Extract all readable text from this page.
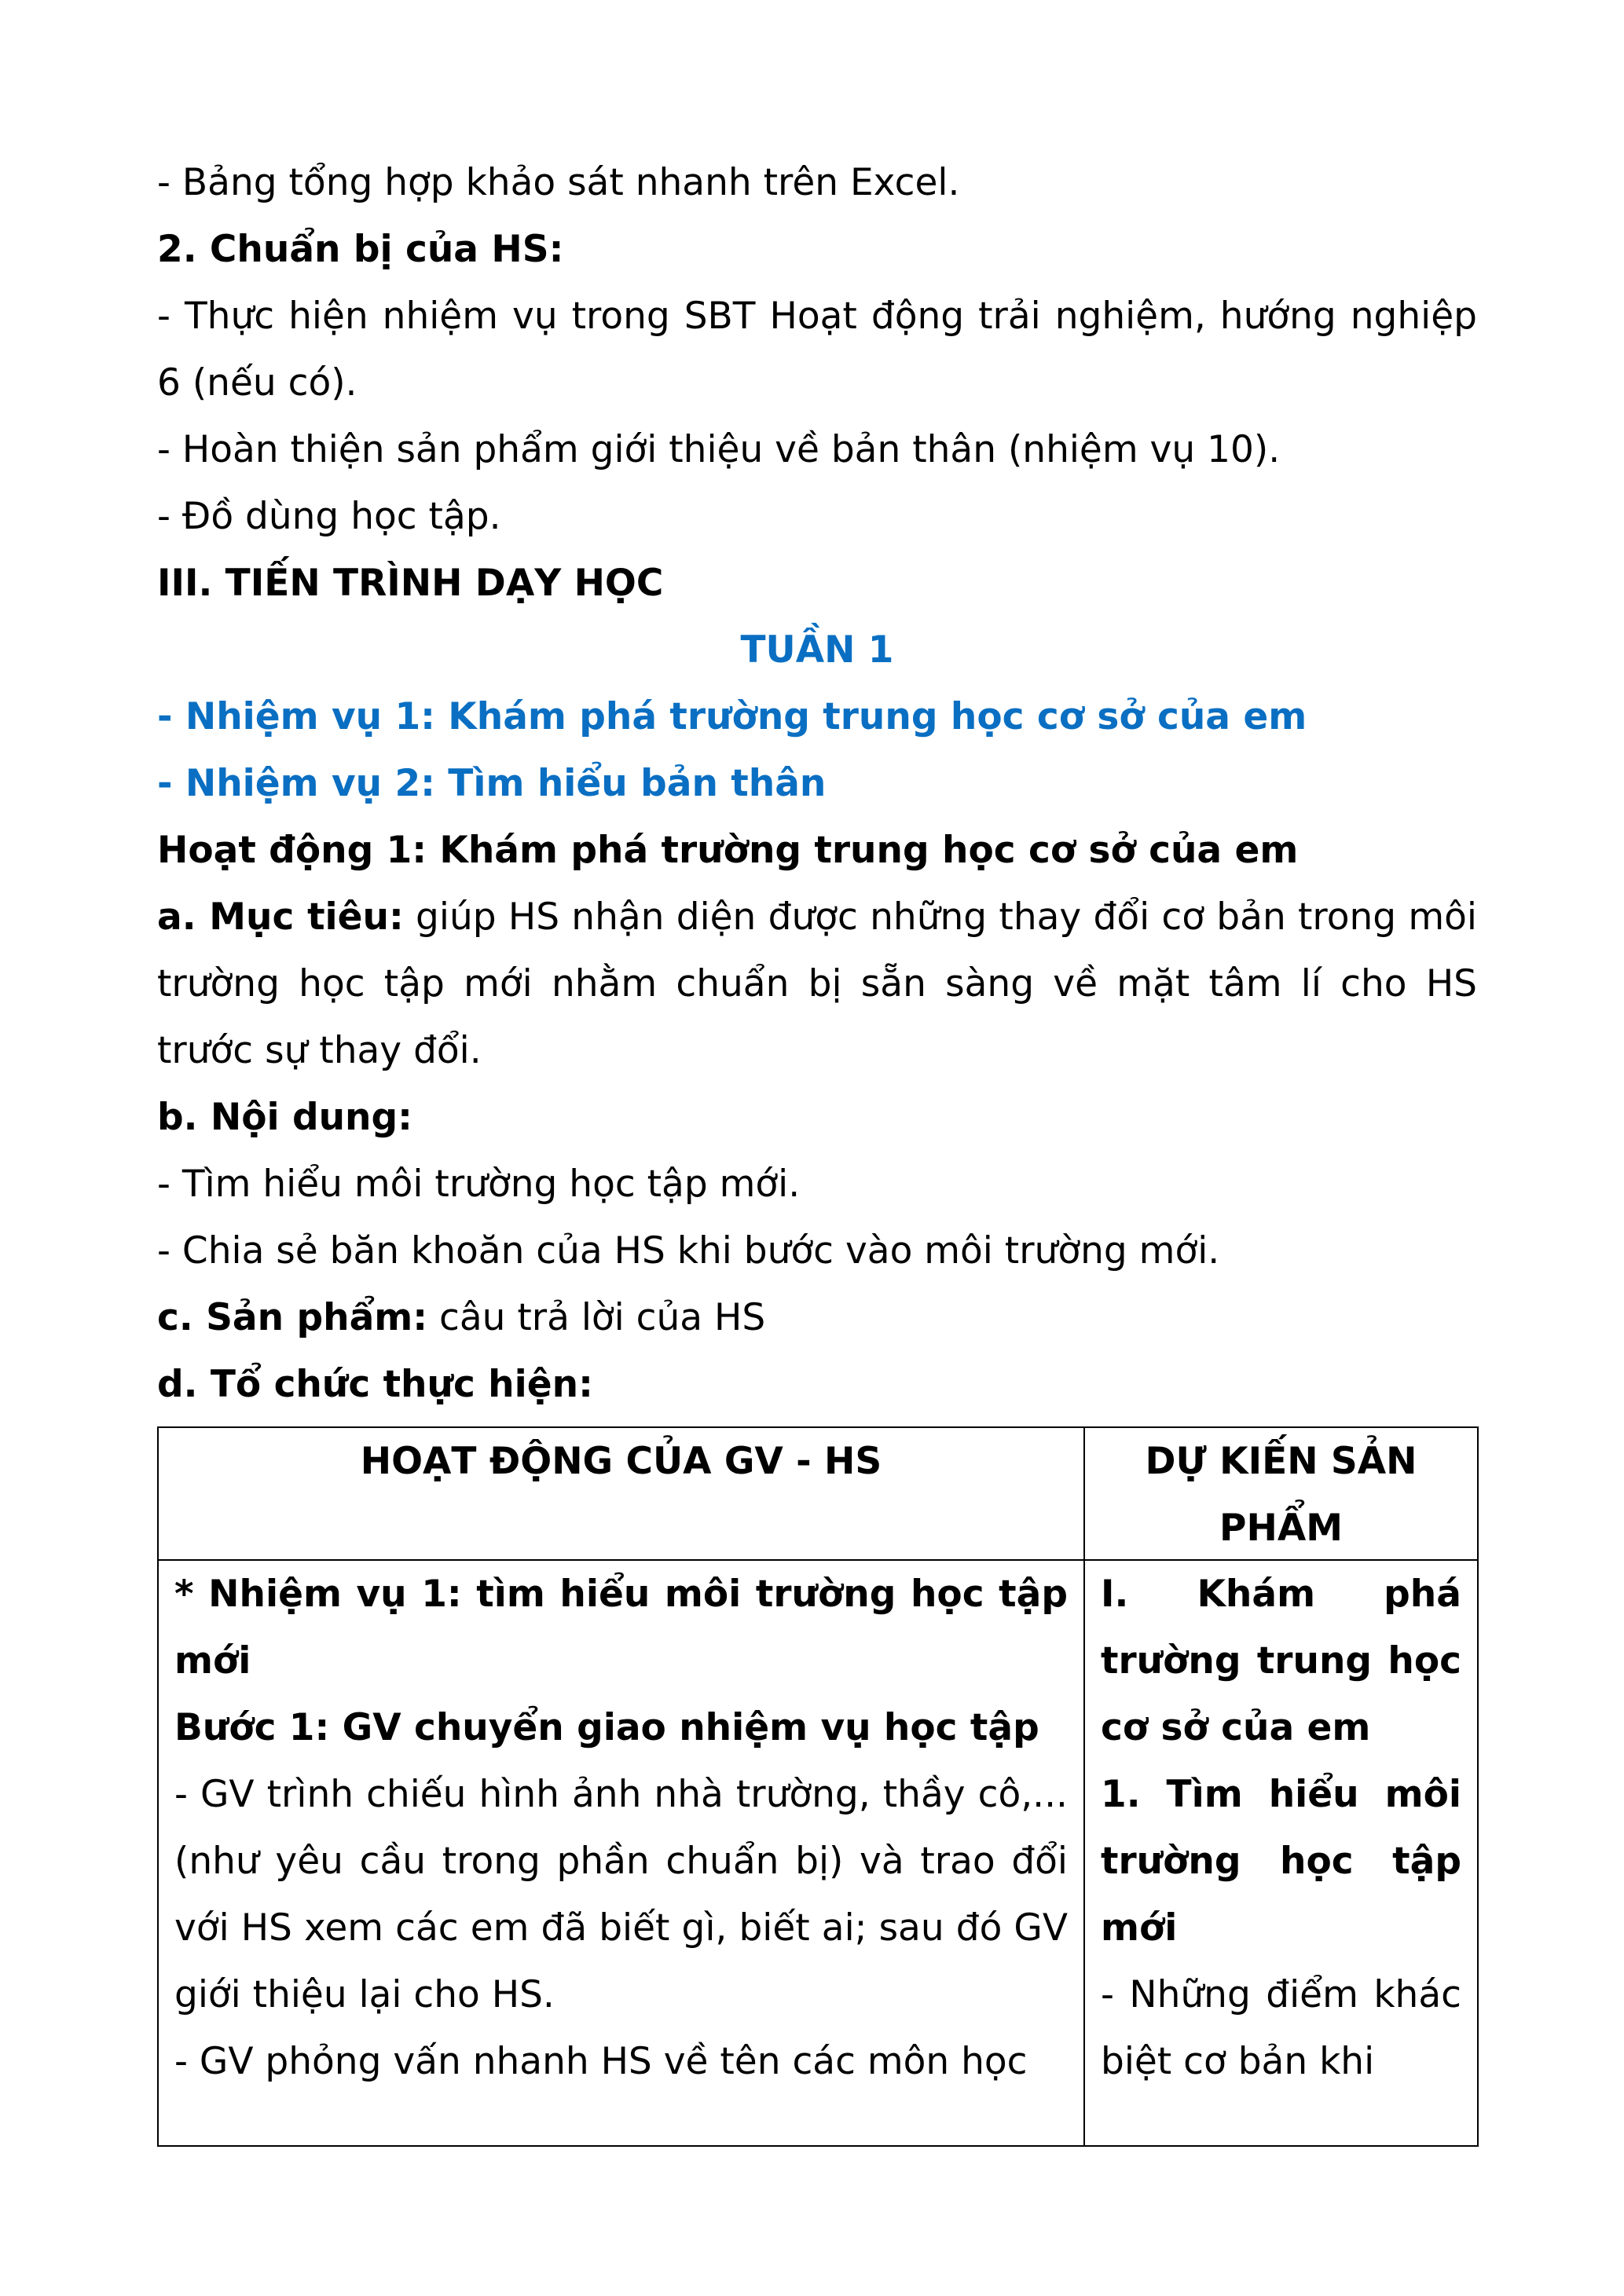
- Bảng tổng hợp khảo sát nhanh trên Excel.

2. Chuẩn bị của HS:

- Thực hiện nhiệm vụ trong SBT Hoạt động trải nghiệm, hướng nghiệp 6 (nếu có).

- Hoàn thiện sản phẩm giới thiệu về bản thân (nhiệm vụ 10).

- Đồ dùng học tập.

III. TIẾN TRÌNH DẠY HỌC

TUẦN 1

- Nhiệm vụ 1: Khám phá trường trung học cơ sở của em

- Nhiệm vụ 2: Tìm hiểu bản thân

Hoạt động 1: Khám phá trường trung học cơ sở của em

a. Mục tiêu: giúp HS nhận diện được những thay đổi cơ bản trong môi trường học tập mới nhằm chuẩn bị sẵn sàng về mặt tâm lí cho HS trước sự thay đổi.

b. Nội dung:

- Tìm hiểu môi trường học tập mới.

- Chia sẻ băn khoăn của HS khi bước vào môi trường mới.

c. Sản phẩm: câu trả lời của HS

d. Tổ chức thực hiện:

HOẠT ĐỘNG CỦA GV - HS	DỰ KIẾN SẢN PHẨM

* Nhiệm vụ 1: tìm hiểu môi trường học tập mới

Bước 1: GV chuyển giao nhiệm vụ học tập

- GV trình chiếu hình ảnh nhà trường, thầy cô,... (như yêu cầu trong phần chuẩn bị) và trao đổi với HS xem các em đã biết gì, biết ai; sau đó GV giới thiệu lại cho HS.

- GV phỏng vấn nhanh HS về tên các môn học

I. Khám phá trường trung học cơ sở của em

1. Tìm hiểu môi trường học tập mới

- Những điểm khác biệt cơ bản khi
